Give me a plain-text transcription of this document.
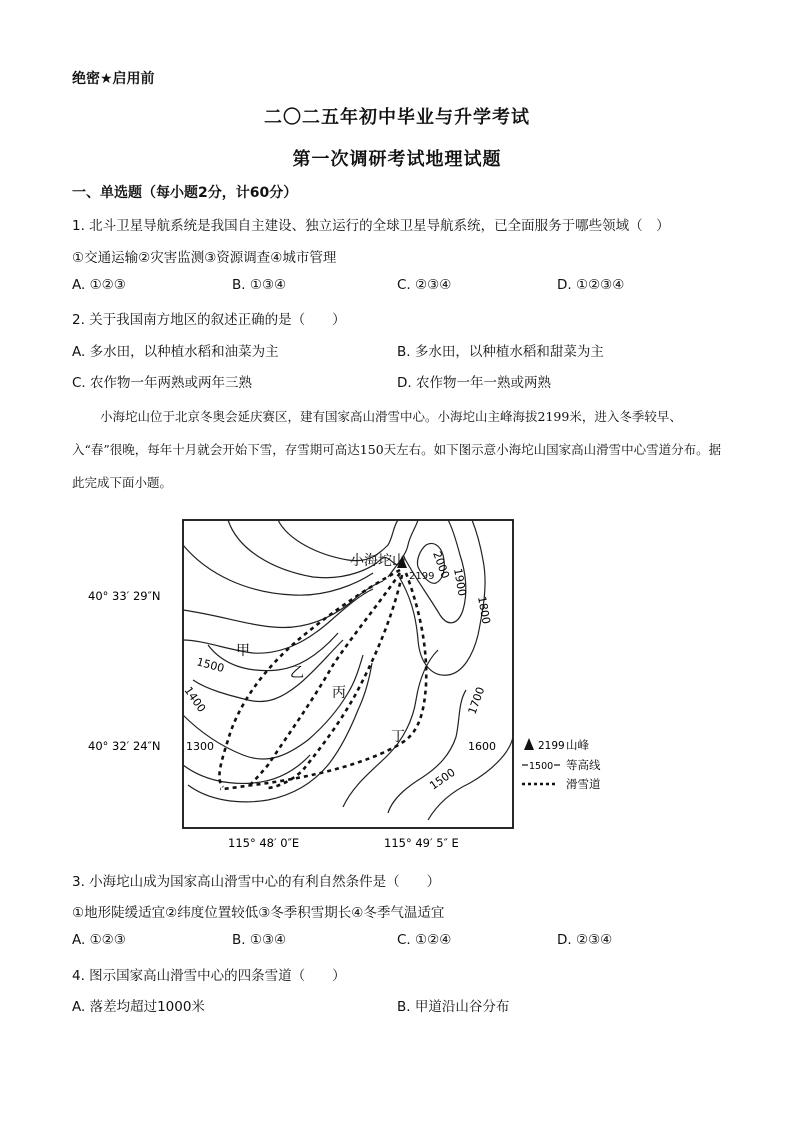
绝密★启用前
二〇二五年初中毕业与升学考试
第一次调研考试地理试题
一、单选题（每小题2分，计60分）
1. 北斗卫星导航系统是我国自主建设、独立运行的全球卫星导航系统，已全面服务于哪些领域（　）
①交通运输②灾害监测③资源调查④城市管理
A. ①②③	B. ①③④	C. ②③④	D. ①②③④
2. 关于我国南方地区的叙述正确的是（　　）
A. 多水田，以种植水稻和油菜为主	B. 多水田，以种植水稻和甜菜为主
C. 农作物一年两熟或两年三熟	D. 农作物一年一熟或两熟
小海坨山位于北京冬奥会延庆赛区，建有国家高山滑雪中心。小海坨山主峰海拔2199米，进入冬季较早、入“春”很晚，每年十月就会开始下雪，存雪期可高达150天左右。如下图示意小海坨山国家高山滑雪中心雪道分布。据此完成下面小题。
小海坨山
2199
2000
1900
1800
1700
1600
1500
1500
1400
1300
甲
乙
丙
丁
40° 33′ 29″N
40° 32′ 24″N
115° 48′ 0″E	115° 49′ 5″ E
2199 山峰
1500 等高线
滑雪道
3. 小海坨山成为国家高山滑雪中心的有利自然条件是（　　）
①地形陡缓适宜②纬度位置较低③冬季积雪期长④冬季气温适宜
A. ①②③	B. ①③④	C. ①②④	D. ②③④
4. 图示国家高山滑雪中心的四条雪道（　　）
A. 落差均超过1000米	B. 甲道沿山谷分布
